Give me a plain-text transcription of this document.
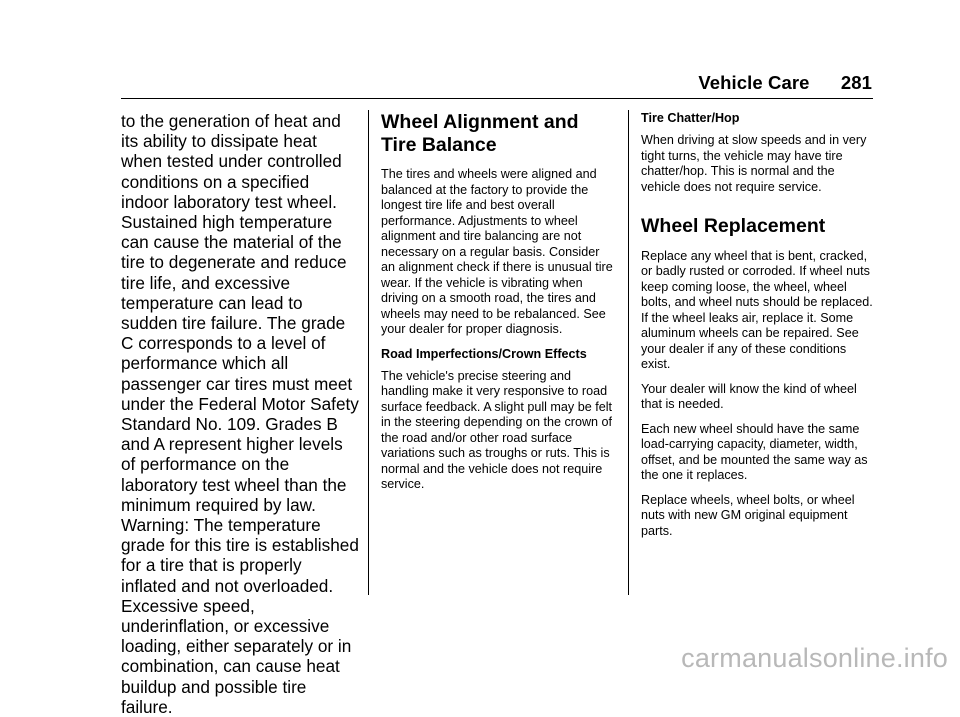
Vehicle Care 281

to the generation of heat and its ability to dissipate heat when tested under controlled conditions on a specified indoor laboratory test wheel. Sustained high temperature can cause the material of the tire to degenerate and reduce tire life, and excessive temperature can lead to sudden tire failure. The grade C corresponds to a level of performance which all passenger car tires must meet under the Federal Motor Safety Standard No. 109. Grades B and A represent higher levels of performance on the laboratory test wheel than the minimum required by law. Warning: The temperature grade for this tire is established for a tire that is properly inflated and not overloaded. Excessive speed, underinflation, or excessive loading, either separately or in combination, can cause heat buildup and possible tire failure.

Wheel Alignment and Tire Balance

The tires and wheels were aligned and balanced at the factory to provide the longest tire life and best overall performance. Adjustments to wheel alignment and tire balancing are not necessary on a regular basis. Consider an alignment check if there is unusual tire wear. If the vehicle is vibrating when driving on a smooth road, the tires and wheels may need to be rebalanced. See your dealer for proper diagnosis.

Road Imperfections/Crown Effects

The vehicle's precise steering and handling make it very responsive to road surface feedback. A slight pull may be felt in the steering depending on the crown of the road and/or other road surface variations such as troughs or ruts. This is normal and the vehicle does not require service.

Tire Chatter/Hop

When driving at slow speeds and in very tight turns, the vehicle may have tire chatter/hop. This is normal and the vehicle does not require service.

Wheel Replacement

Replace any wheel that is bent, cracked, or badly rusted or corroded. If wheel nuts keep coming loose, the wheel, wheel bolts, and wheel nuts should be replaced. If the wheel leaks air, replace it. Some aluminum wheels can be repaired. See your dealer if any of these conditions exist.

Your dealer will know the kind of wheel that is needed.

Each new wheel should have the same load-carrying capacity, diameter, width, offset, and be mounted the same way as the one it replaces.

Replace wheels, wheel bolts, or wheel nuts with new GM original equipment parts.

carmanualsonline.info
